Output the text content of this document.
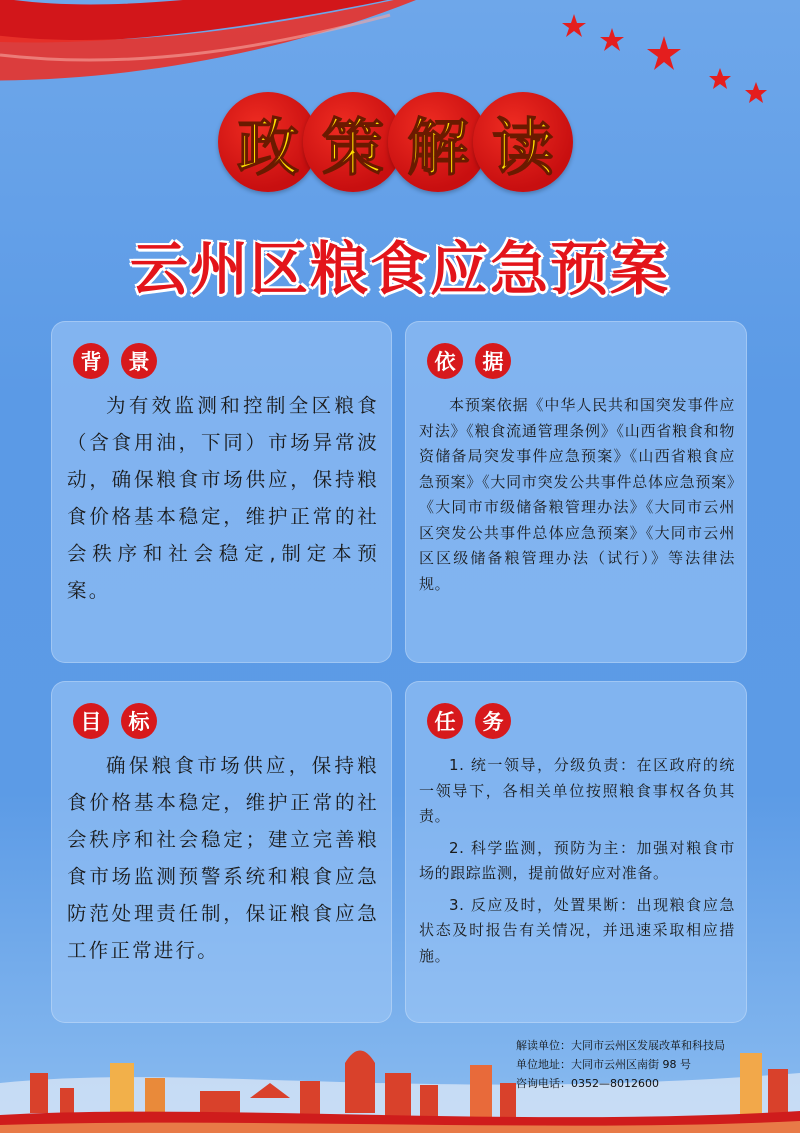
政 策 解 读
云州区粮食应急预案
背	景

为有效监测和控制全区粮食（含食用油，下同）市场异常波动，确保粮食市场供应，保持粮食价格基本稳定，维护正常的社会秩序和社会稳定,制定本预案。

依	据

本预案依据《中华人民共和国突发事件应对法》《粮食流通管理条例》《山西省粮食和物资储备局突发事件应急预案》《山西省粮食应急预案》《大同市突发公共事件总体应急预案》《大同市市级储备粮管理办法》《大同市云州区突发公共事件总体应急预案》《大同市云州区区级储备粮管理办法（试行）》等法律法规。

目	标

确保粮食市场供应，保持粮食价格基本稳定，维护正常的社会秩序和社会稳定；建立完善粮食市场监测预警系统和粮食应急防范处理责任制，保证粮食应急工作正常进行。

任	务

1. 统一领导，分级负责：在区政府的统一领导下，各相关单位按照粮食事权各负其责。

2. 科学监测，预防为主：加强对粮食市场的跟踪监测，提前做好应对准备。

3. 反应及时，处置果断：出现粮食应急状态及时报告有关情况，并迅速采取相应措施。

解读单位：大同市云州区发展改革和科技局
单位地址：大同市云州区南街 98 号
咨询电话：0352—8012600
